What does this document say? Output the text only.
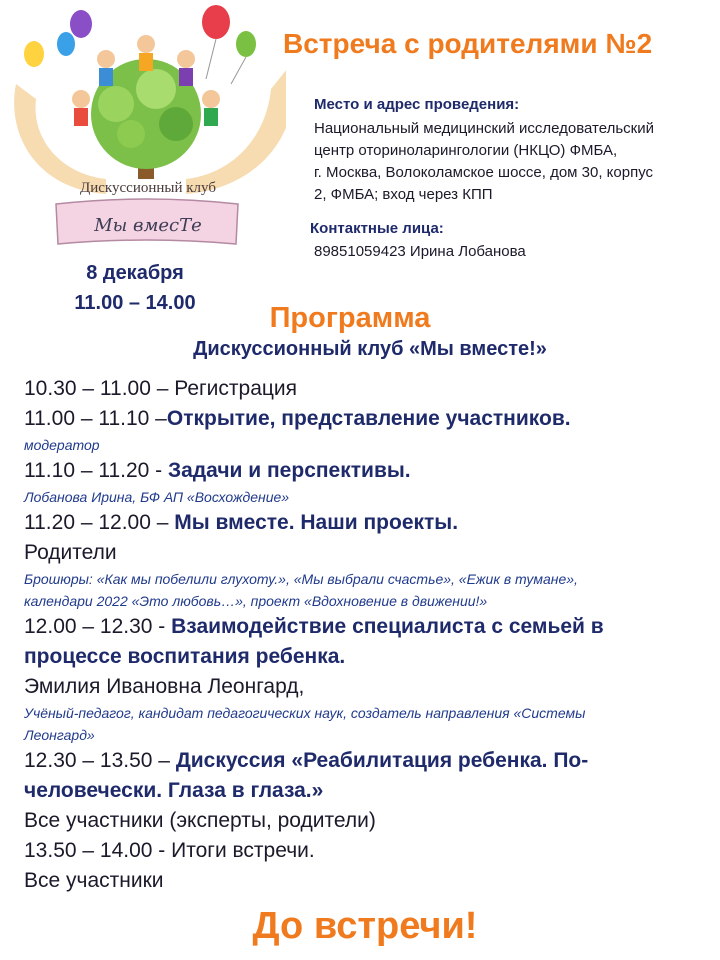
Мы вмесТе
Дискуссионный клуб
Встреча с родителями №2
Место и адрес проведения:
Национальный медицинский исследовательский
центр оториноларингологии (НКЦО) ФМБА,
г. Москва, Волоколамское шоссе, дом 30, корпус
2, ФМБА; вход через КПП
Контактные лица:
89851059423 Ирина Лобанова
8 декабря
11.00 – 14.00	Программа
Дискуссионный клуб «Мы вместе!»
10.30 – 11.00 – Регистрация
11.00 – 11.10 –Открытие, представление участников.
модератор
11.10 – 11.20 - Задачи и перспективы.
Лобанова Ирина, БФ АП «Восхождение»
11.20 – 12.00 – Мы вместе. Наши проекты.
Родители
Брошюры: «Как мы побелили глухоту.», «Мы выбрали счастье», «Ежик в тумане»,
календари 2022 «Это любовь…», проект «Вдохновение в движении!»
12.00 – 12.30 - Взаимодействие специалиста с семьей в
процессе воспитания ребенка.
Эмилия Ивановна Леонгард,
Учёный-педагог, кандидат педагогических наук, создатель направления «Системы
Леонгард»
12.30 – 13.50 – Дискуссия «Реабилитация ребенка. По-
человечески. Глаза в глаза.»
Все участники (эксперты, родители)
13.50 – 14.00 - Итоги встречи.
Все участники
До встречи!
